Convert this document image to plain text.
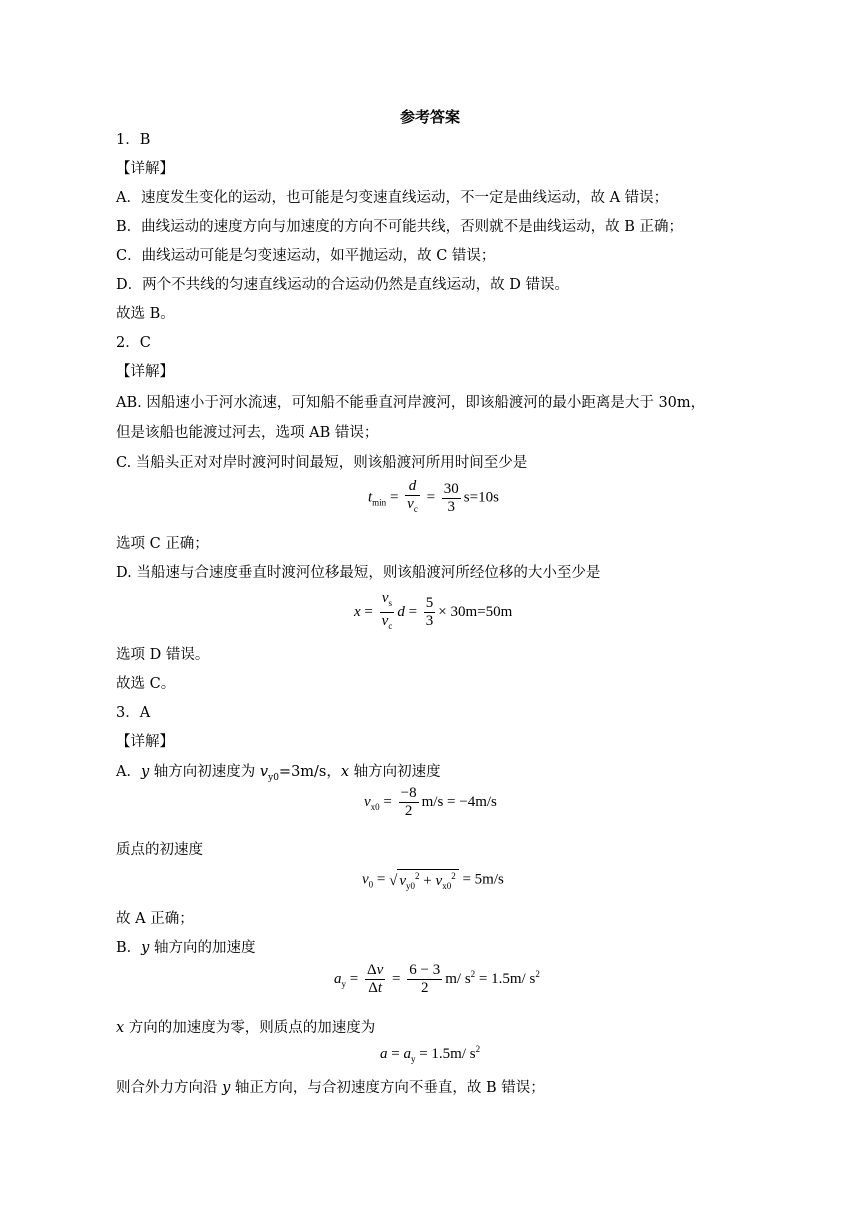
参考答案
1．B
【详解】
A．速度发生变化的运动，也可能是匀变速直线运动，不一定是曲线运动，故 A 错误；
B．曲线运动的速度方向与加速度的方向不可能共线，否则就不是曲线运动，故 B 正确；
C．曲线运动可能是匀变速运动，如平抛运动，故 C 错误；
D．两个不共线的匀速直线运动的合运动仍然是直线运动，故 D 错误。
故选 B。
2．C
【详解】
AB. 因船速小于河水流速，可知船不能垂直河岸渡河，即该船渡河的最小距离是大于 30m，
但是该船也能渡过河去，选项 AB 错误；
C. 当船头正对对岸时渡河时间最短，则该船渡河所用时间至少是
$t_{min} = \frac{d}{v_c} = \frac{30}{3} s=10s$
选项 C 正确；
D. 当船速与合速度垂直时渡河位移最短，则该船渡河所经位移的大小至少是
$x = \frac{v_s}{v_c}$ $d = \frac{5}{3} \times 30m=50m$
选项 D 错误。
故选 C。
3．A
【详解】
A．y 轴方向初速度为 $v_{y0}=3m/s$，x 轴方向初速度
$v_{x0} = \frac{-8}{2} m/s = -4m/s$
质点的初速度
$v_0$ = √ $v_{y0}^2 + v_{x0}^2 = 5m/s$
故 A 正确；
B．y 轴方向的加速度
$a_y = \frac{\Delta v}{\Delta t} = \frac{6 - 3}{2} m/$ $s^2 = 1.5m/$ $s^2$
x 方向的加速度为零，则质点的加速度为
$a = a_y = 1.5m/$ $s^2$
则合外力方向沿 y 轴正方向，与合初速度方向不垂直，故 B 错误；
